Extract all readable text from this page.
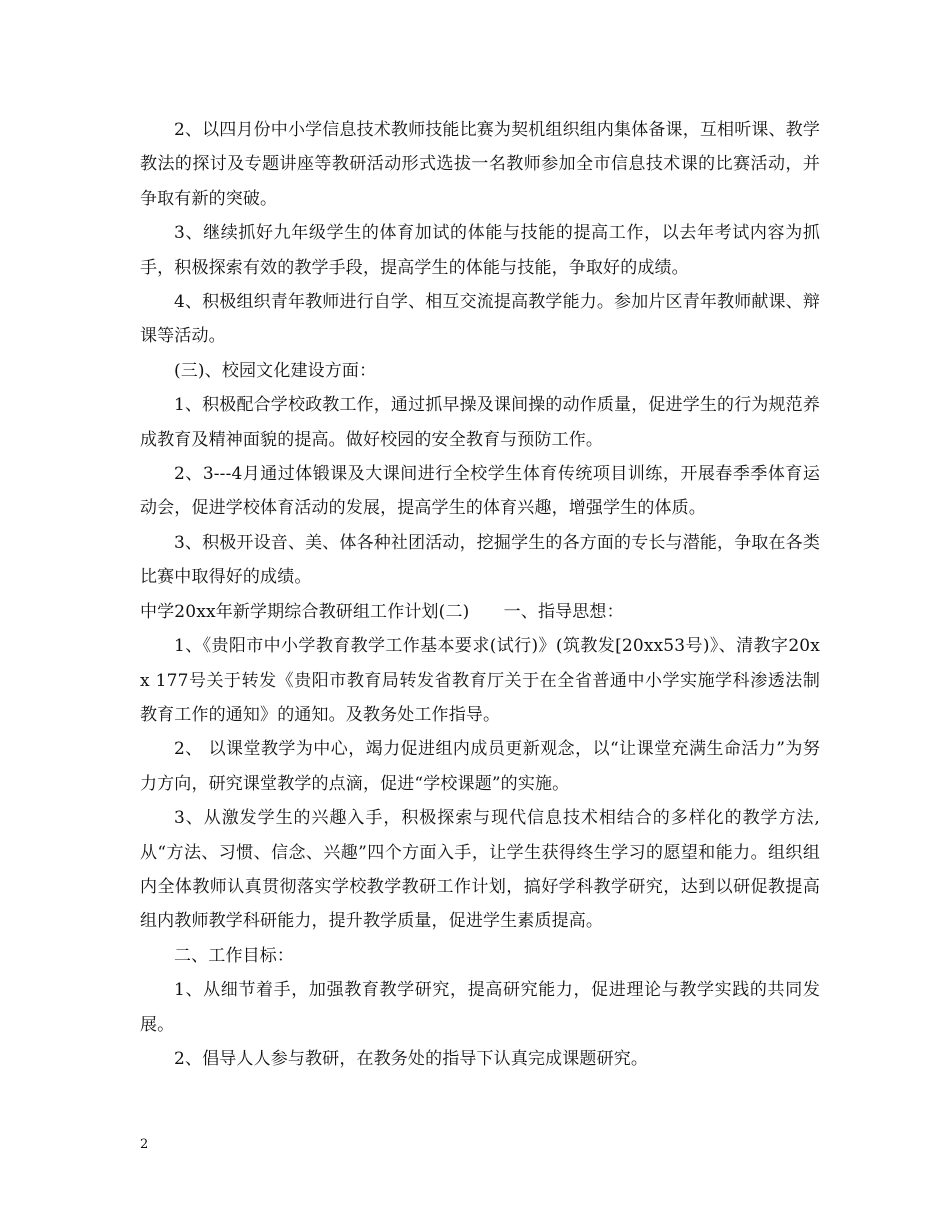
2、以四月份中小学信息技术教师技能比赛为契机组织组内集体备课，互相听课、教学教法的探讨及专题讲座等教研活动形式选拔一名教师参加全市信息技术课的比赛活动，并争取有新的突破。

3、继续抓好九年级学生的体育加试的体能与技能的提高工作，以去年考试内容为抓手，积极探索有效的教学手段，提高学生的体能与技能，争取好的成绩。

4、积极组织青年教师进行自学、相互交流提高教学能力。参加片区青年教师献课、辩课等活动。

(三)、校园文化建设方面：

1、积极配合学校政教工作，通过抓早操及课间操的动作质量，促进学生的行为规范养成教育及精神面貌的提高。做好校园的安全教育与预防工作。

2、3---4月通过体锻课及大课间进行全校学生体育传统项目训练，开展春季季体育运动会，促进学校体育活动的发展，提高学生的体育兴趣，增强学生的体质。

3、积极开设音、美、体各种社团活动，挖掘学生的各方面的专长与潜能，争取在各类比赛中取得好的成绩。

中学20xx年新学期综合教研组工作计划(二)　　一、指导思想：

1、《贵阳市中小学教育教学工作基本要求(试行)》(筑教发[20xx53号)》、清教字20xx 177号关于转发《贵阳市教育局转发省教育厅关于在全省普通中小学实施学科渗透法制教育工作的通知》的通知。及教务处工作指导。

2、 以课堂教学为中心，竭力促进组内成员更新观念，以“让课堂充满生命活力”为努力方向，研究课堂教学的点滴，促进“学校课题”的实施。

3、从激发学生的兴趣入手，积极探索与现代信息技术相结合的多样化的教学方法, 从“方法、习惯、信念、兴趣”四个方面入手，让学生获得终生学习的愿望和能力。组织组内全体教师认真贯彻落实学校教学教研工作计划，搞好学科教学研究，达到以研促教提高组内教师教学科研能力，提升教学质量，促进学生素质提高。

二、工作目标：

1、从细节着手，加强教育教学研究，提高研究能力，促进理论与教学实践的共同发展。

2、倡导人人参与教研，在教务处的指导下认真完成课题研究。

2
